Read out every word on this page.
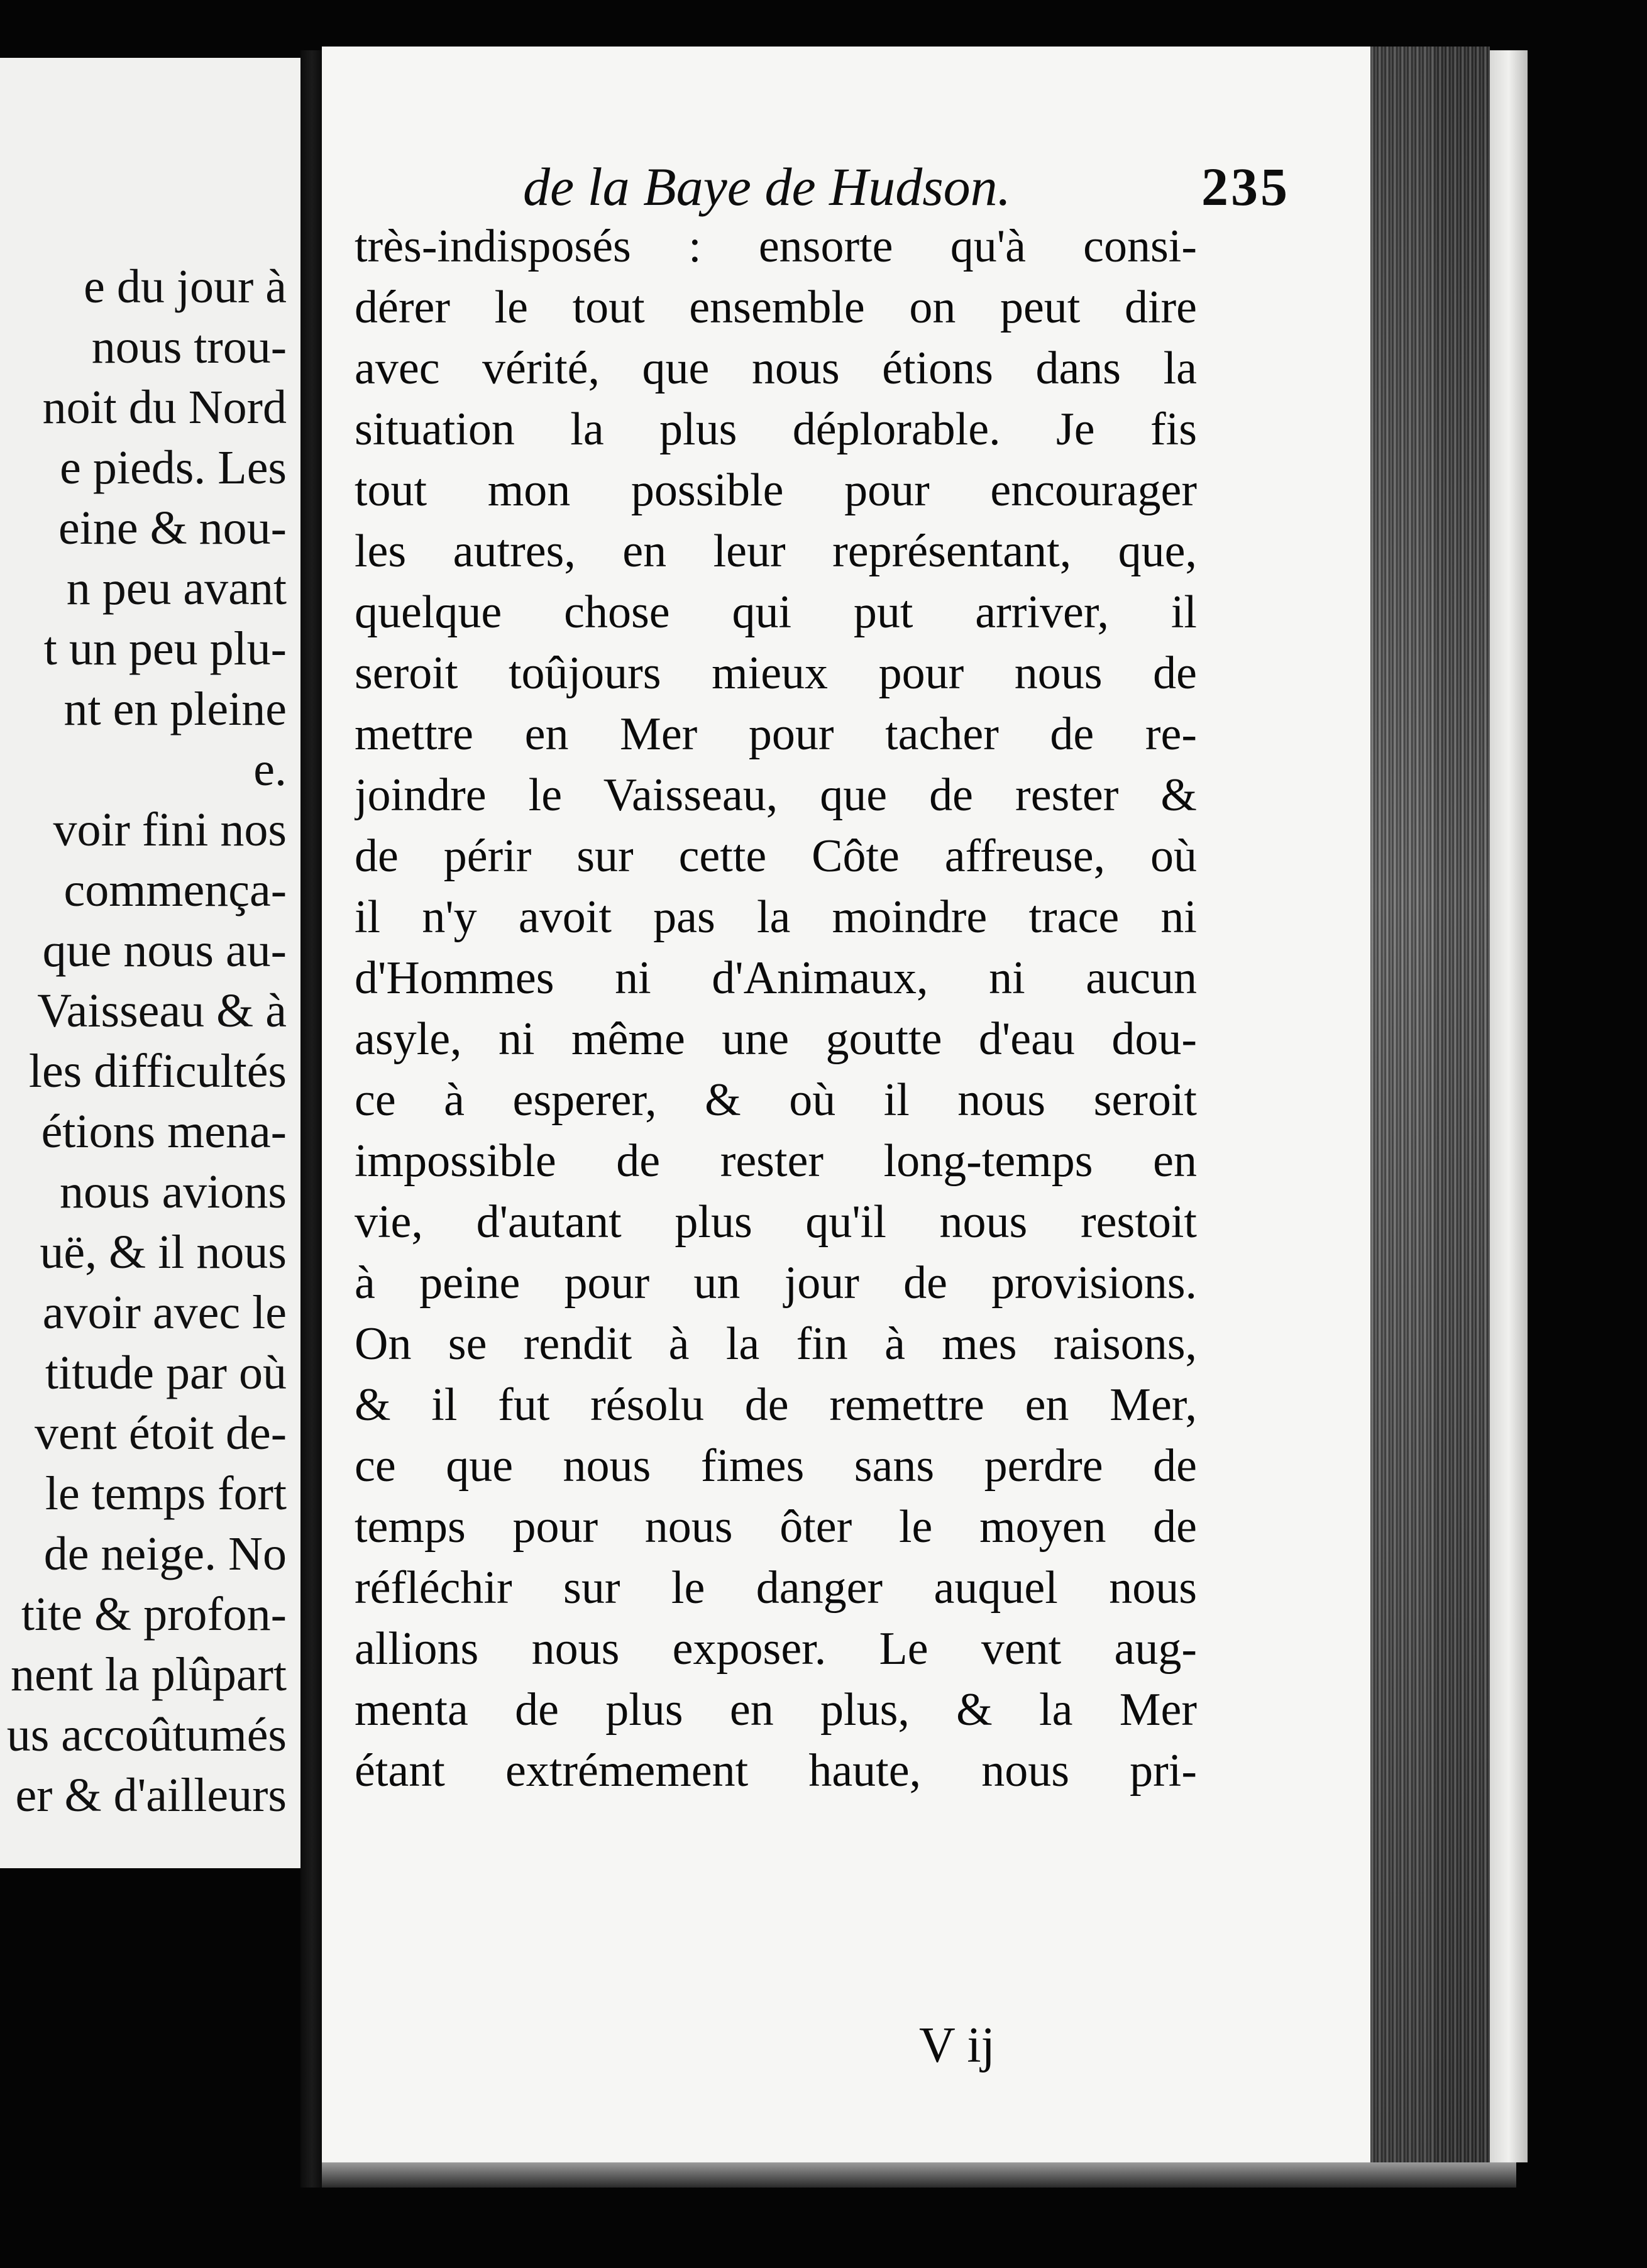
e du jour à
nous trou-
noit du Nord
e pieds. Les
eine & nou-
n peu avant
t un peu plu-
nt en pleine
e.
voir fini nos
commença-
que nous au-
Vaisseau & à
les difficultés
étions mena-
nous avions
uë, & il nous
avoir avec le
titude par où
vent étoit de-
le temps fort
de neige. No
tite & profon-
nent la plûpart
us accoûtumés
er & d'ailleurs
de la Baye de Hudson.	235
très-indisposés : ensorte qu'à consi-
dérer le tout ensemble on peut dire
avec vérité, que nous étions dans la
situation la plus déplorable. Je fis
tout mon possible pour encourager
les autres, en leur représentant, que,
quelque chose qui put arriver, il
seroit toûjours mieux pour nous de
mettre en Mer pour tacher de re-
joindre le Vaisseau, que de rester &
de périr sur cette Côte affreuse, où
il n'y avoit pas la moindre trace ni
d'Hommes ni d'Animaux, ni aucun
asyle, ni même une goutte d'eau dou-
ce à esperer, & où il nous seroit
impossible de rester long-temps en
vie, d'autant plus qu'il nous restoit
à peine pour un jour de provisions.
On se rendit à la fin à mes raisons,
& il fut résolu de remettre en Mer,
ce que nous fimes sans perdre de
temps pour nous ôter le moyen de
réfléchir sur le danger auquel nous
allions nous exposer. Le vent aug-
menta de plus en plus, & la Mer
étant extrémement haute, nous pri-
V ij
